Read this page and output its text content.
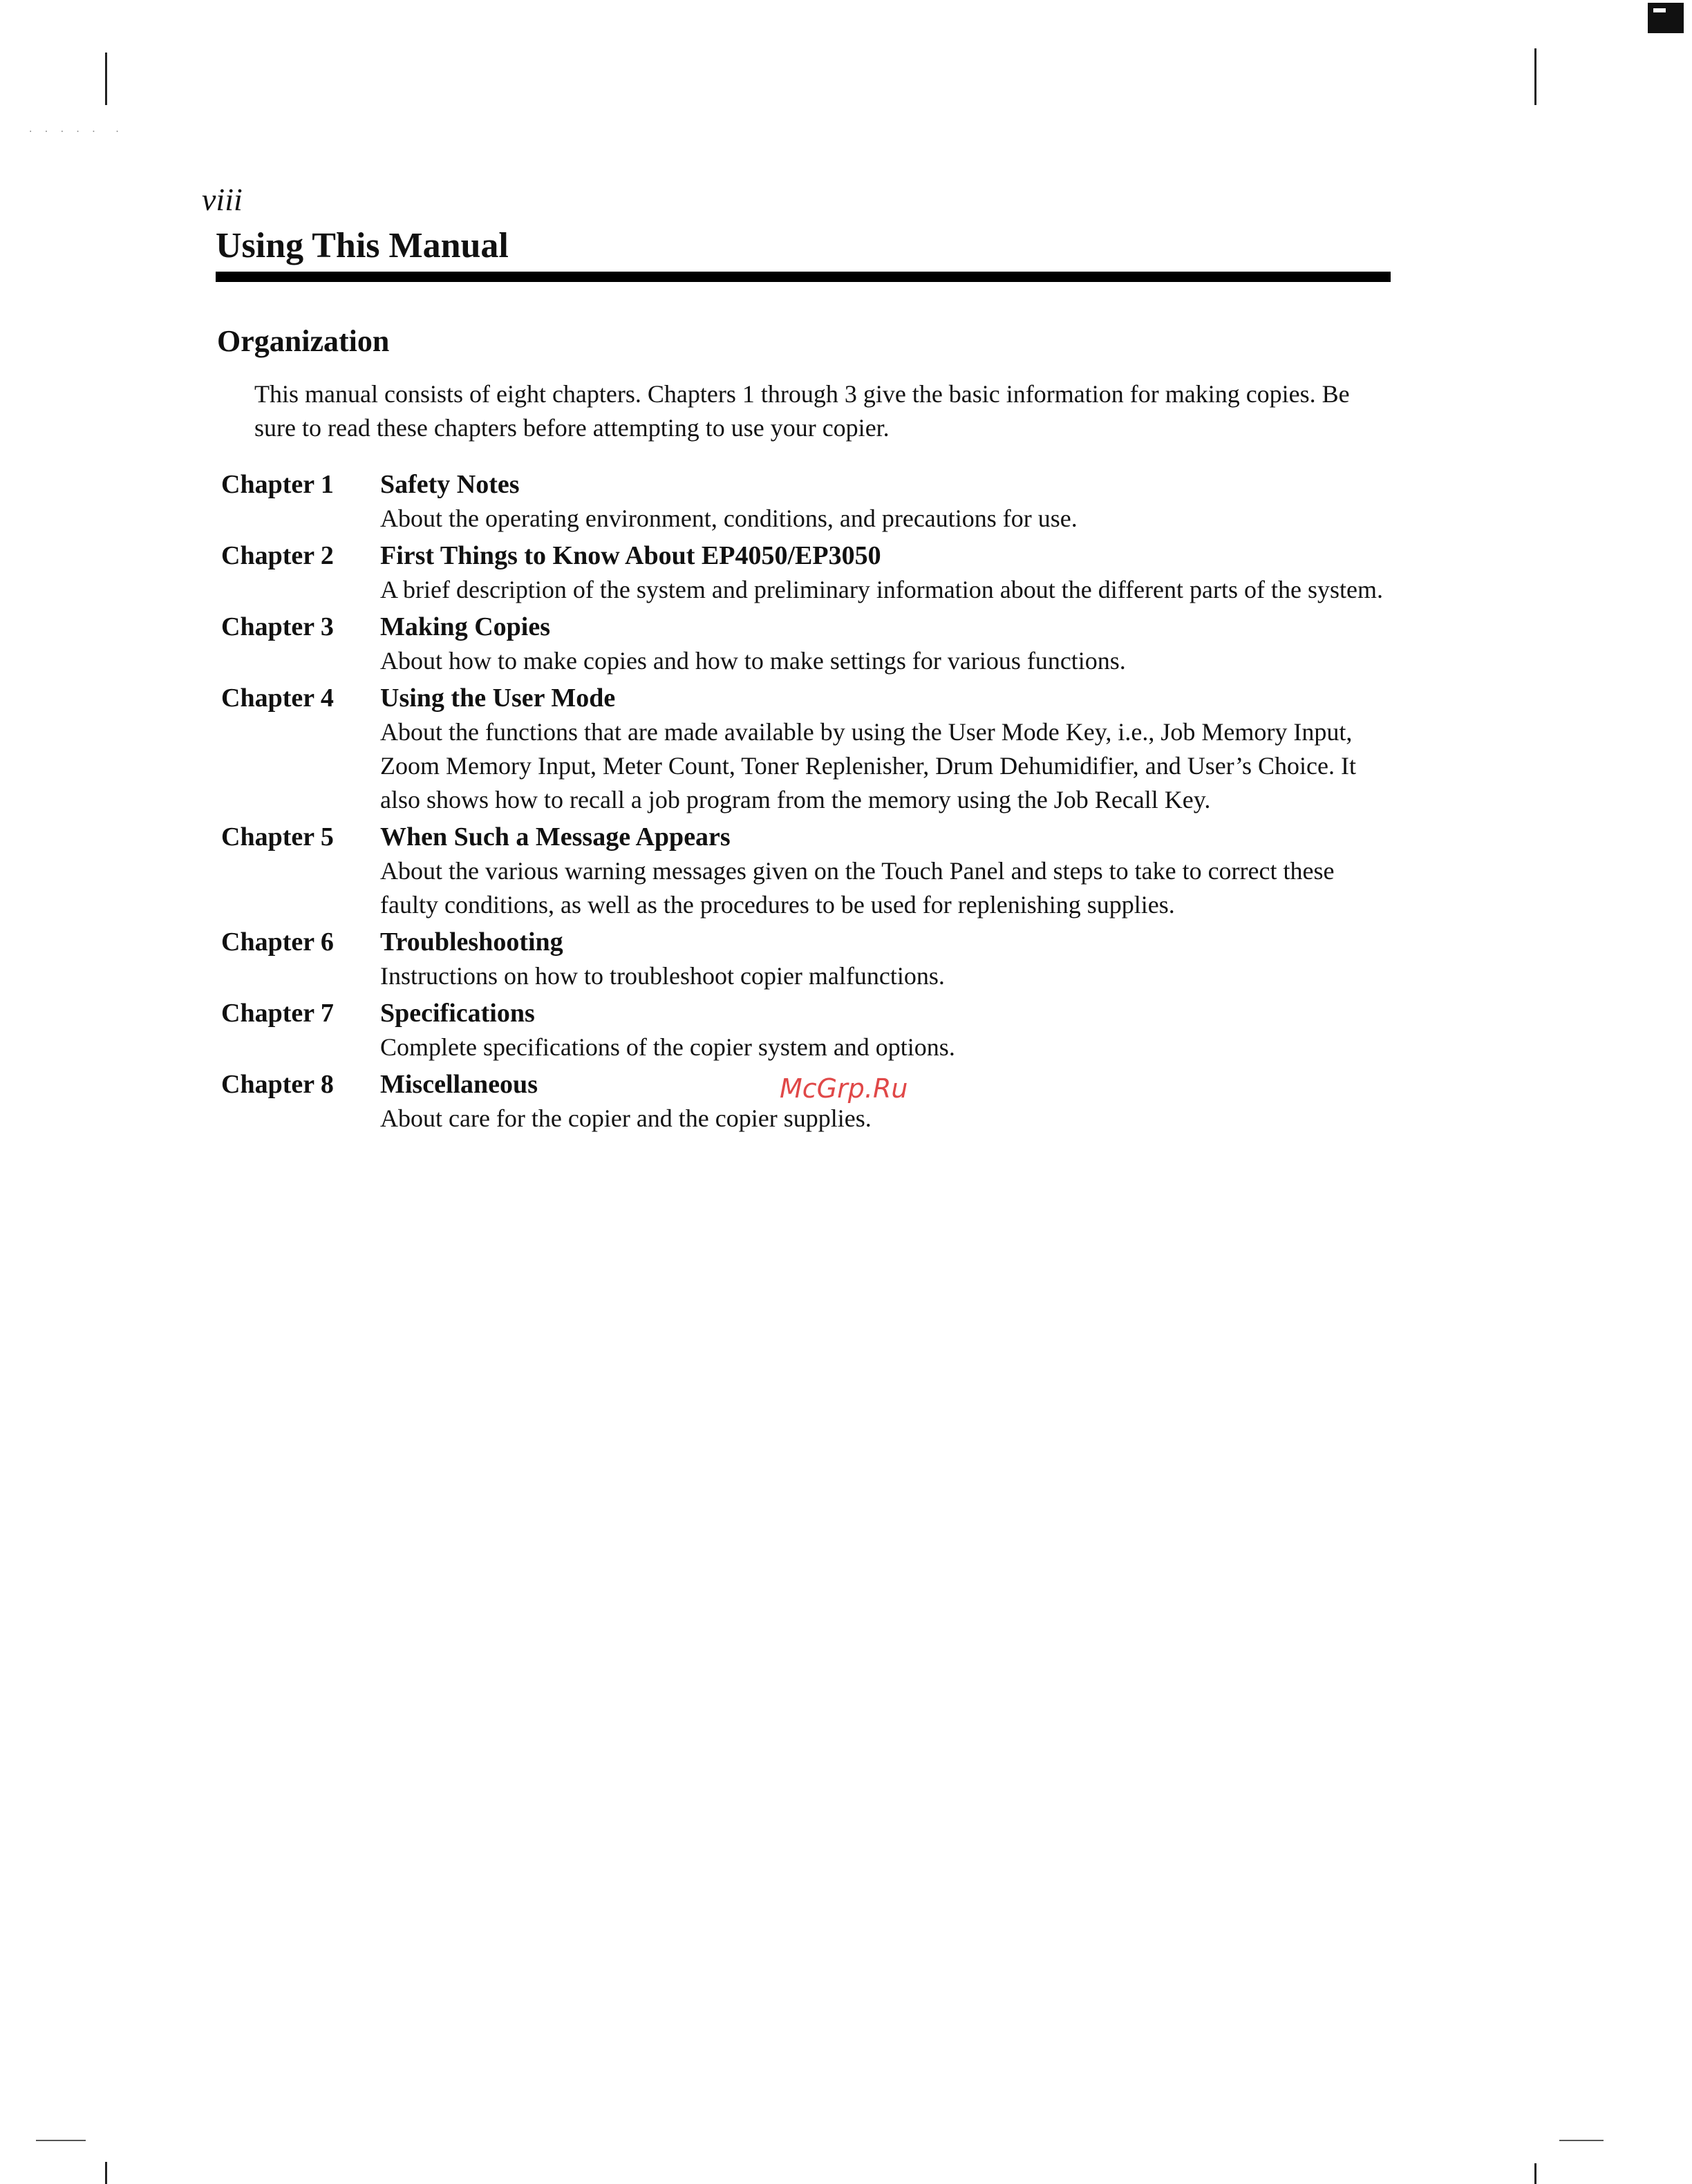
. . . . .  .
viii
Using This Manual
Organization

This manual consists of eight chapters. Chapters 1 through 3 give the basic information for making copies. Be sure to read these chapters before attempting to use your copier.

Chapter 1	Safety Notes
About the operating environment, conditions, and precautions for use.
Chapter 2	First Things to Know About EP4050/EP3050
A brief description of the system and preliminary information about the different parts of the system.
Chapter 3	Making Copies
About how to make copies and how to make settings for various functions.
Chapter 4	Using the User Mode
About the functions that are made available by using the User Mode Key, i.e., Job Memory Input, Zoom Memory Input, Meter Count, Toner Replenisher, Drum Dehumidifier, and User’s Choice. It also shows how to recall a job program from the memory using the Job Recall Key.
Chapter 5	When Such a Message Appears
About the various warning messages given on the Touch Panel and steps to take to correct these faulty conditions, as well as the procedures to be used for replenishing supplies.
Chapter 6	Troubleshooting
Instructions on how to troubleshoot copier malfunctions.
Chapter 7	Specifications
Complete specifications of the copier system and options.
Chapter 8	Miscellaneous
About care for the copier and the copier supplies.
McGrp.Ru
